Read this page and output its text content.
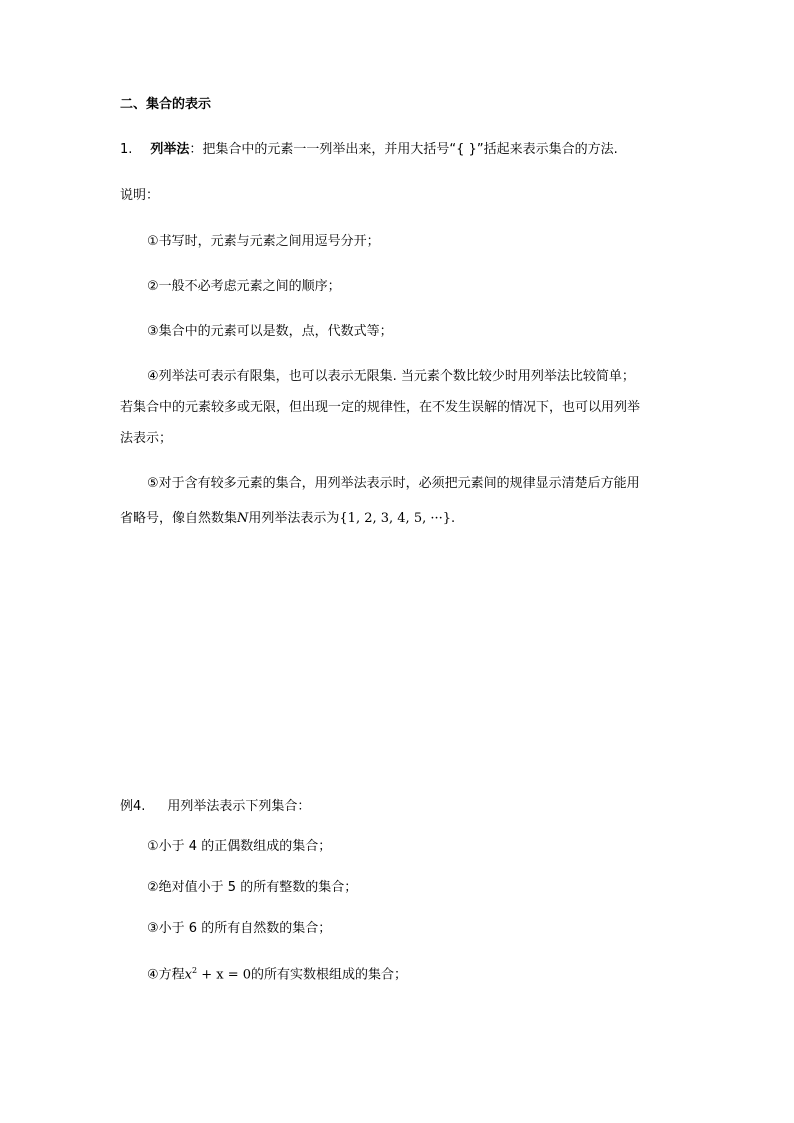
二、集合的表示
1. 列举法：把集合中的元素一一列举出来，并用大括号“{ }”括起来表示集合的方法.
说明：
①书写时，元素与元素之间用逗号分开；
②一般不必考虑元素之间的顺序；
③集合中的元素可以是数，点，代数式等；
④列举法可表示有限集，也可以表示无限集. 当元素个数比较少时用列举法比较简单；
若集合中的元素较多或无限，但出现一定的规律性，在不发生误解的情况下，也可以用列举
法表示；
⑤对于含有较多元素的集合，用列举法表示时，必须把元素间的规律显示清楚后方能用
省略号，像自然数集N用列举法表示为{1, 2, 3, 4, 5, ···}.
例4. 用列举法表示下列集合：
①小于 4 的正偶数组成的集合；
②绝对值小于 5 的所有整数的集合；
③小于 6 的所有自然数的集合；
④方程$x^2 + x = 0$的所有实数根组成的集合；
